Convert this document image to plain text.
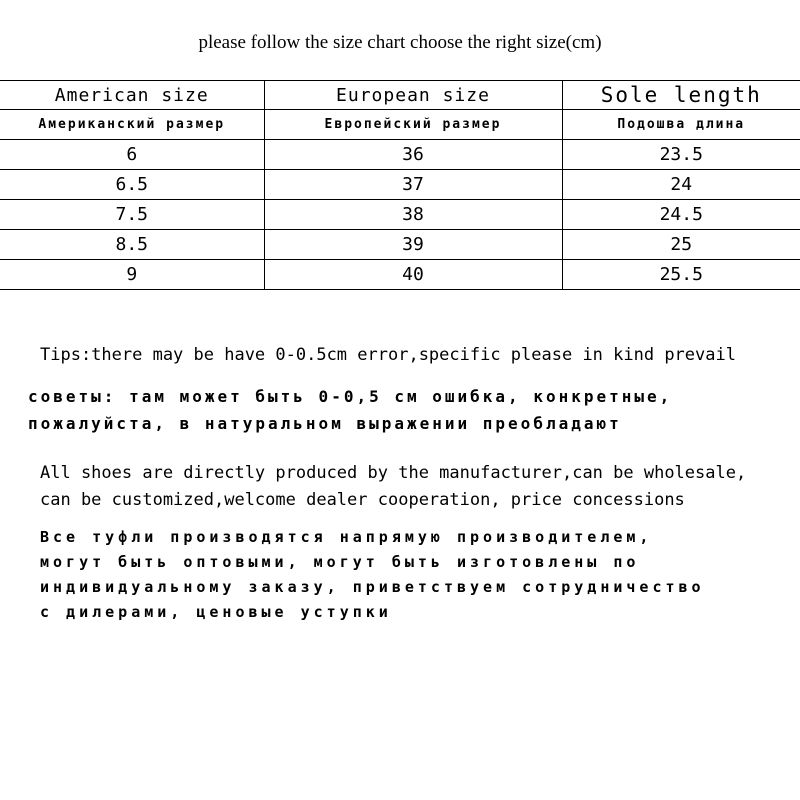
please follow the size chart choose the right size(cm)
American size	European size	Sole length
Американский размер	Европейский размер	Подошва длина
6	36	23.5
6.5	37	24
7.5	38	24.5
8.5	39	25
9	40	25.5
Tips:there may be have 0-0.5cm error,specific please in kind prevail
советы: там может быть 0-0,5 см ошибка, конкретные,
пожалуйста, в натуральном выражении преобладают
All shoes are directly produced by the manufacturer,can be wholesale,
can be customized,welcome dealer cooperation, price concessions
Все туфли производятся напрямую производителем,
могут быть оптовыми, могут быть изготовлены по
индивидуальному заказу, приветствуем сотрудничество
с дилерами, ценовые уступки
